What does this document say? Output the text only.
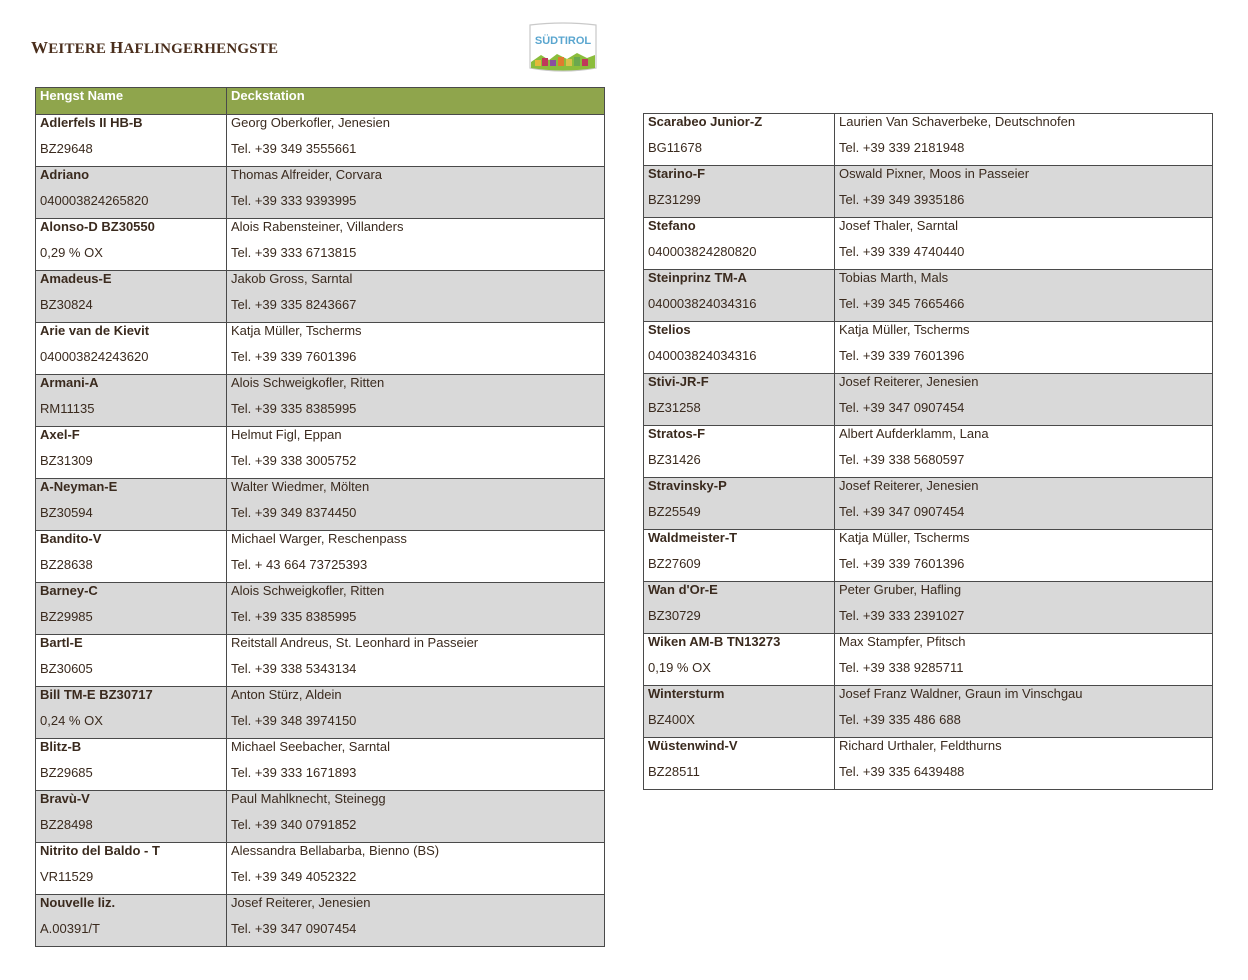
WEITERE HAFLINGERHENGSTE	SÜDTIROL
Hengst Name	Deckstation

Adlerfels II HB-B
BZ29648	Georg Oberkofler, Jenesien
Tel. +39 349 3555661

Adriano
040003824265820	Thomas Alfreider, Corvara
Tel. +39 333 9393995

Alonso-D BZ30550
0,29 % OX	Alois Rabensteiner, Villanders
Tel. +39 333 6713815

Amadeus-E
BZ30824	Jakob Gross, Sarntal
Tel. +39 335 8243667

Arie van de Kievit
040003824243620	Katja Müller, Tscherms
Tel. +39 339 7601396

Armani-A
RM11135	Alois Schweigkofler, Ritten
Tel. +39 335 8385995

Axel-F
BZ31309	Helmut Figl, Eppan
Tel. +39 338 3005752

A-Neyman-E
BZ30594	Walter Wiedmer, Mölten
Tel. +39 349 8374450

Bandito-V
BZ28638	Michael Warger, Reschenpass
Tel. + 43 664 73725393

Barney-C
BZ29985	Alois Schweigkofler, Ritten
Tel. +39 335 8385995

Bartl-E
BZ30605	Reitstall Andreus, St. Leonhard in Passeier
Tel. +39 338 5343134

Bill TM-E BZ30717
0,24 % OX	Anton Stürz, Aldein
Tel. +39 348 3974150

Blitz-B
BZ29685	Michael Seebacher, Sarntal
Tel. +39 333 1671893

Bravù-V
BZ28498	Paul Mahlknecht, Steinegg
Tel. +39 340 0791852

Nitrito del Baldo - T
VR11529	Alessandra Bellabarba, Bienno (BS)
Tel. +39 349 4052322

Nouvelle liz.
A.00391/T	Josef Reiterer, Jenesien
Tel. +39 347 0907454
Scarabeo Junior-Z
BG11678	Laurien Van Schaverbeke, Deutschnofen
Tel. +39 339 2181948

Starino-F
BZ31299	Oswald Pixner, Moos in Passeier
Tel. +39 349 3935186

Stefano
040003824280820	Josef Thaler, Sarntal
Tel. +39 339 4740440

Steinprinz TM-A
040003824034316	Tobias Marth, Mals
Tel. +39 345 7665466

Stelios
040003824034316	Katja Müller, Tscherms
Tel. +39 339 7601396

Stivi-JR-F
BZ31258	Josef Reiterer, Jenesien
Tel. +39 347 0907454

Stratos-F
BZ31426	Albert Aufderklamm, Lana
Tel. +39 338 5680597

Stravinsky-P
BZ25549	Josef Reiterer, Jenesien
Tel. +39 347 0907454

Waldmeister-T
BZ27609	Katja Müller, Tscherms
Tel. +39 339 7601396

Wan d'Or-E
BZ30729	Peter Gruber, Hafling
Tel. +39 333 2391027

Wiken AM-B TN13273
0,19 % OX	Max Stampfer, Pfitsch
Tel. +39 338 9285711

Wintersturm
BZ400X	Josef Franz Waldner, Graun im Vinschgau
Tel. +39 335 486 688

Wüstenwind-V
BZ28511	Richard Urthaler, Feldthurns
Tel. +39 335 6439488
